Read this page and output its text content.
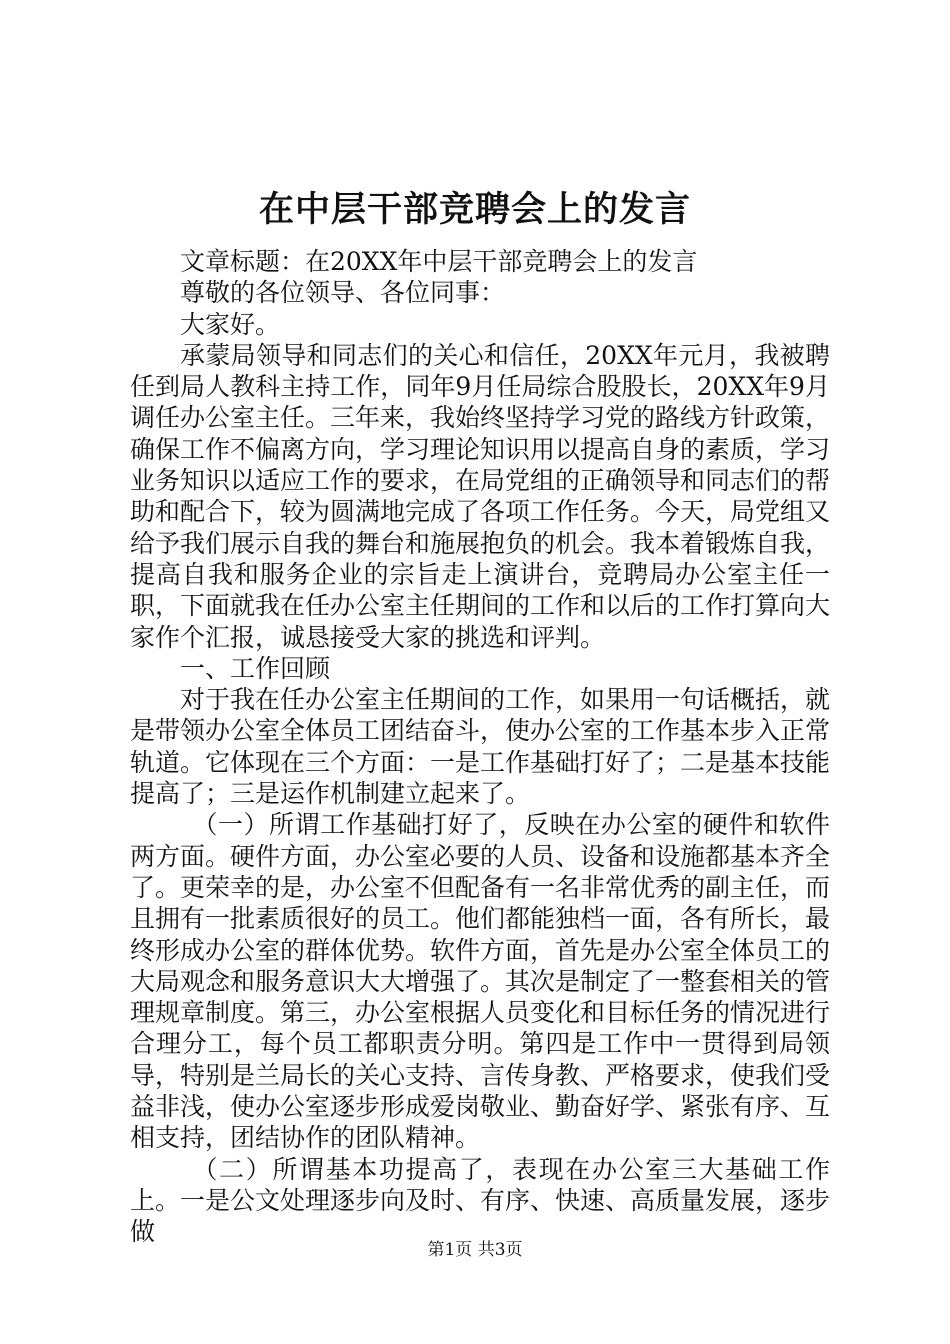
在中层干部竞聘会上的发言

文章标题：在20XX年中层干部竞聘会上的发言

尊敬的各位领导、各位同事：

大家好。

承蒙局领导和同志们的关心和信任，20XX年元月，我被聘任到局人教科主持工作，同年9月任局综合股股长，20XX年9月调任办公室主任。三年来，我始终坚持学习党的路线方针政策，确保工作不偏离方向，学习理论知识用以提高自身的素质，学习业务知识以适应工作的要求，在局党组的正确领导和同志们的帮助和配合下，较为圆满地完成了各项工作任务。今天，局党组又给予我们展示自我的舞台和施展抱负的机会。我本着锻炼自我，提高自我和服务企业的宗旨走上演讲台，竞聘局办公室主任一职，下面就我在任办公室主任期间的工作和以后的工作打算向大家作个汇报，诚恳接受大家的挑选和评判。

一、工作回顾

对于我在任办公室主任期间的工作，如果用一句话概括，就是带领办公室全体员工团结奋斗，使办公室的工作基本步入正常轨道。它体现在三个方面：一是工作基础打好了；二是基本技能提高了；三是运作机制建立起来了。

（一）所谓工作基础打好了，反映在办公室的硬件和软件两方面。硬件方面，办公室必要的人员、设备和设施都基本齐全了。更荣幸的是，办公室不但配备有一名非常优秀的副主任，而且拥有一批素质很好的员工。他们都能独档一面，各有所长，最终形成办公室的群体优势。软件方面，首先是办公室全体员工的大局观念和服务意识大大增强了。其次是制定了一整套相关的管理规章制度。第三，办公室根据人员变化和目标任务的情况进行合理分工，每个员工都职责分明。第四是工作中一贯得到局领导，特别是兰局长的关心支持、言传身教、严格要求，使我们受益非浅，使办公室逐步形成爱岗敬业、勤奋好学、紧张有序、互相支持，团结协作的团队精神。

（二）所谓基本功提高了，表现在办公室三大基础工作上。一是公文处理逐步向及时、有序、快速、高质量发展，逐步做

第1页 共3页
